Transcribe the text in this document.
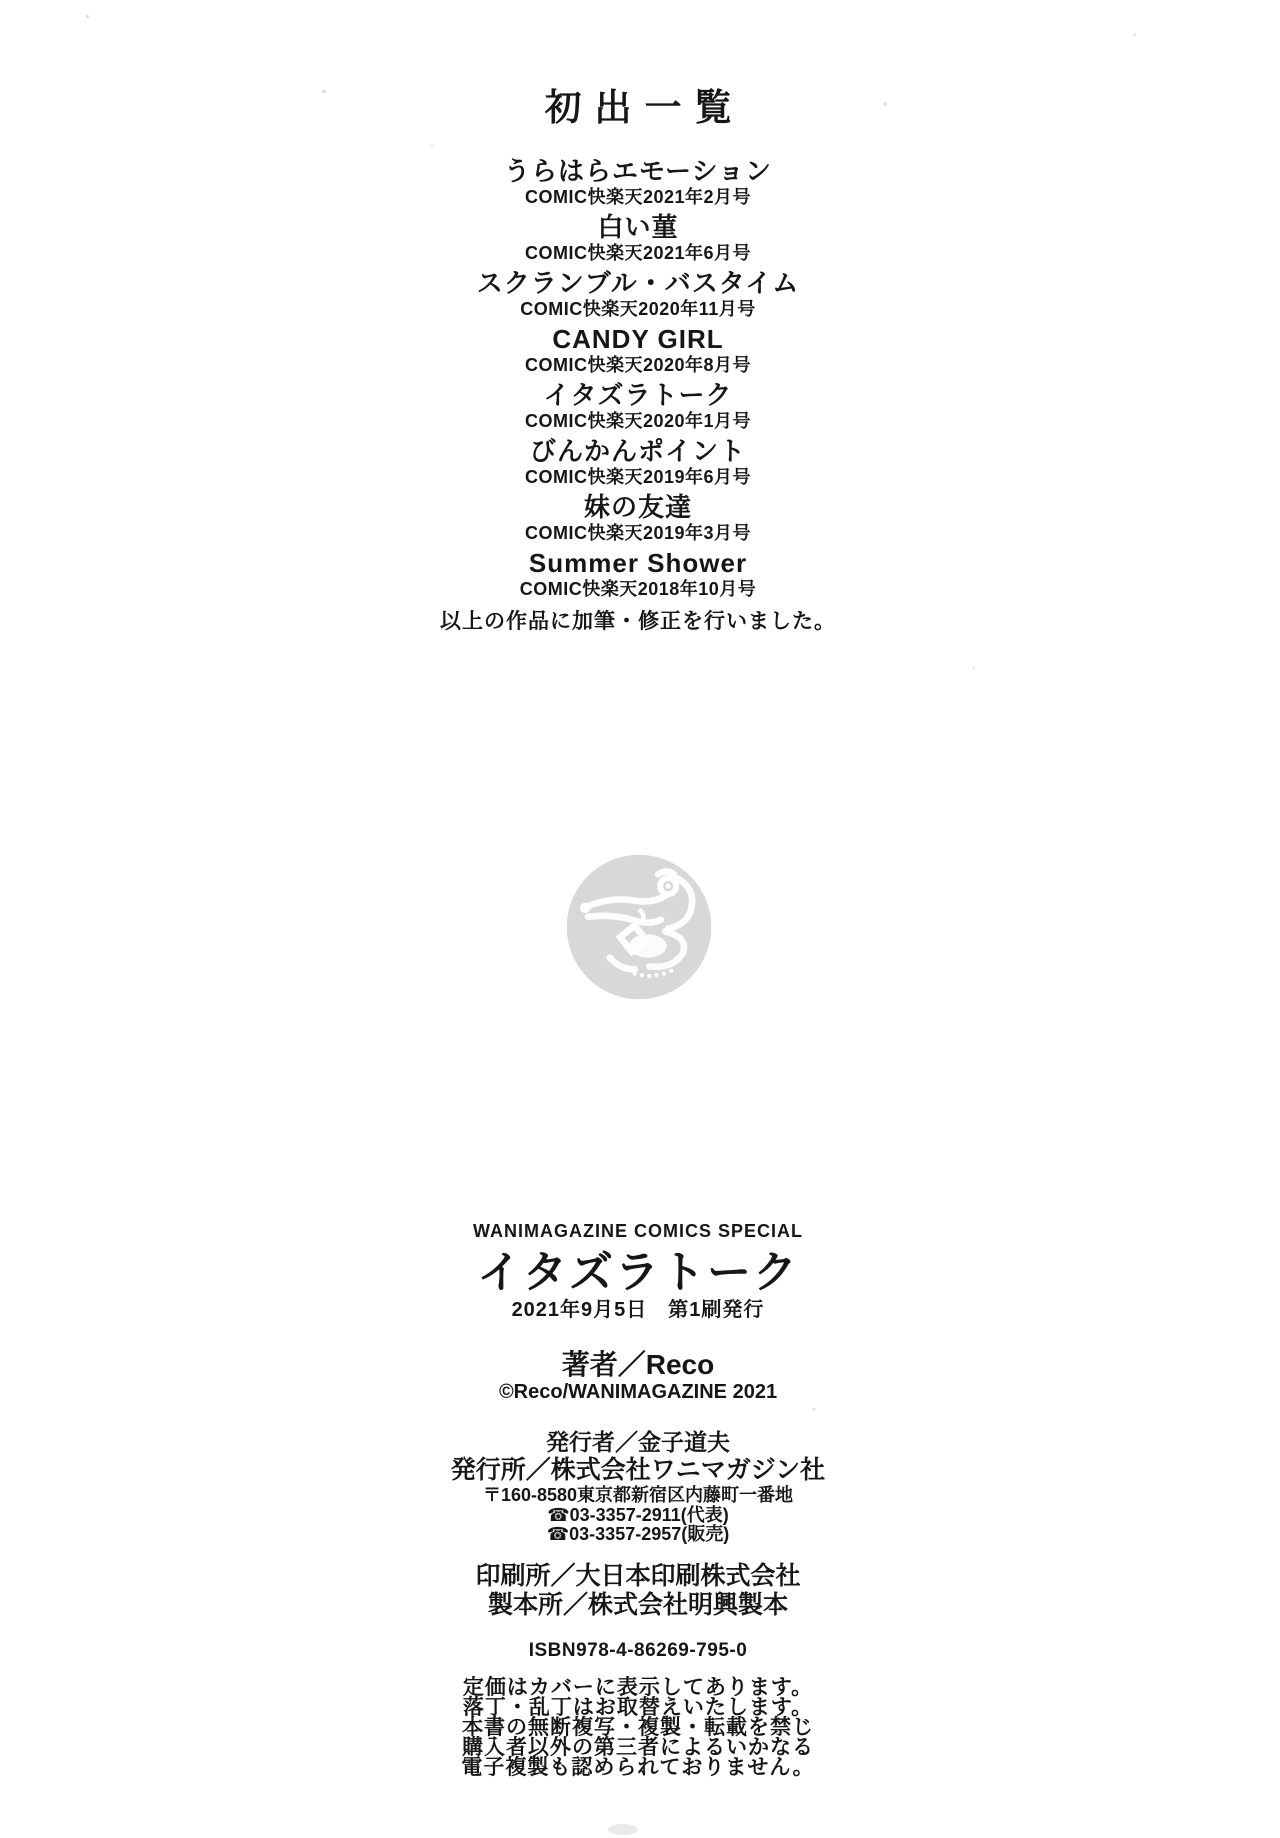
初出一覧
うらはらエモーション
COMIC快楽天2021年2月号
白い菫
COMIC快楽天2021年6月号
スクランブル・バスタイム
COMIC快楽天2020年11月号
CANDY GIRL
COMIC快楽天2020年8月号
イタズラトーク
COMIC快楽天2020年1月号
びんかんポイント
COMIC快楽天2019年6月号
妹の友達
COMIC快楽天2019年3月号
Summer Shower
COMIC快楽天2018年10月号

以上の作品に加筆・修正を行いました。

WANIMAGAZINE COMICS SPECIAL
イタズラトーク
2021年9月5日　第1刷発行
著者／Reco
©Reco/WANIMAGAZINE 2021
発行者／金子道夫
発行所／株式会社ワニマガジン社
〒160-8580東京都新宿区内藤町一番地
☎03-3357-2911(代表)
☎03-3357-2957(販売)
印刷所／大日本印刷株式会社
製本所／株式会社明興製本
ISBN978-4-86269-795-0
定価はカバーに表示してあります。
落丁・乱丁はお取替えいたします。
本書の無断複写・複製・転載を禁じ
購入者以外の第三者によるいかなる
電子複製も認められておりません。
